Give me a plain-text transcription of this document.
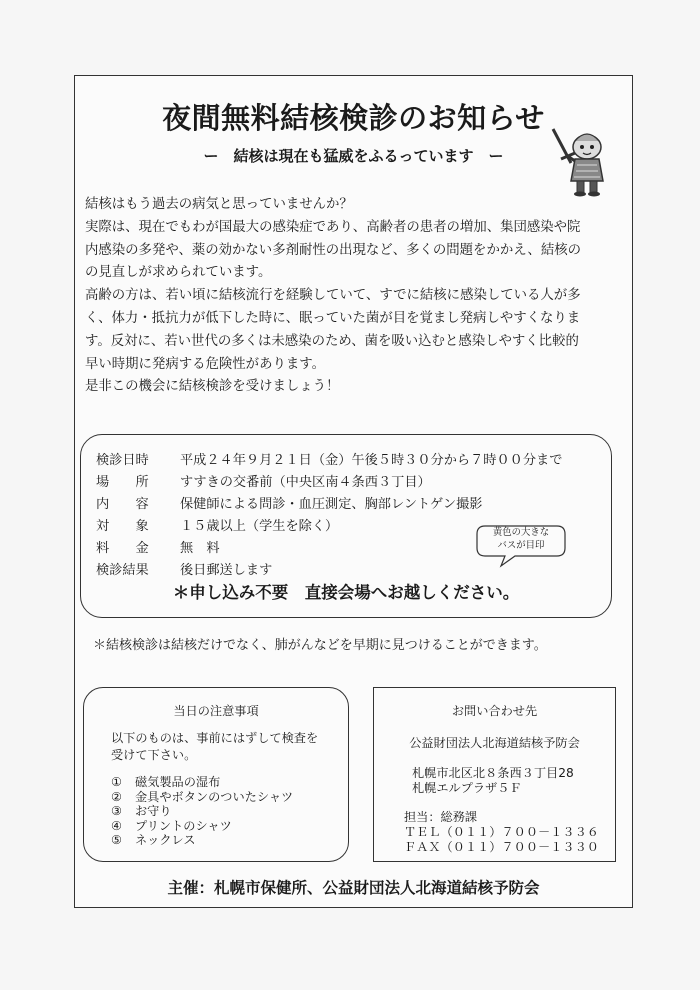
夜間無料結核検診のお知らせ

ー　結核は現在も猛威をふるっています　ー

結核はもう過去の病気と思っていませんか？

実際は、現在でもわが国最大の感染症であり、高齢者の患者の増加、集団感染や院

内感染の多発や、薬の効かない多剤耐性の出現など、多くの問題をかかえ、結核の

の見直しが求められています。

高齢の方は、若い頃に結核流行を経験していて、すでに結核に感染している人が多

く、体力・抵抗力が低下した時に、眠っていた菌が目を覚まし発病しやすくなりま

す。反対に、若い世代の多くは未感染のため、菌を吸い込むと感染しやすく比較的

早い時期に発病する危険性があります。

是非この機会に結核検診を受けましょう！

検診日時 平成２４年９月２１日（金）午後５時３０分から７時００分まで
場　　所 すすきの交番前（中央区南４条西３丁目）
内　　容 保健師による問診・血圧測定、胸部レントゲン撮影
対　　象 １５歳以上（学生を除く）
料　　金 無　料
検診結果 後日郵送します
＊申し込み不要　直接会場へお越しください。
黄色の大きな
バスが目印

＊結核検診は結核だけでなく、肺がんなどを早期に見つけることができます。

当日の注意事項
以下のものは、事前にはずして検査を
受けて下さい。
① 磁気製品の湿布
② 金具やボタンのついたシャツ
③ お守り
④ プリントのシャツ
⑤ ネックレス
お問い合わせ先
公益財団法人北海道結核予防会
札幌市北区北８条西３丁目28
札幌エルプラザ５Ｆ
担当：総務課
ＴＥＬ（０１１）７００－１３３６
ＦＡＸ（０１１）７００－１３３０

主催：札幌市保健所、公益財団法人北海道結核予防会
